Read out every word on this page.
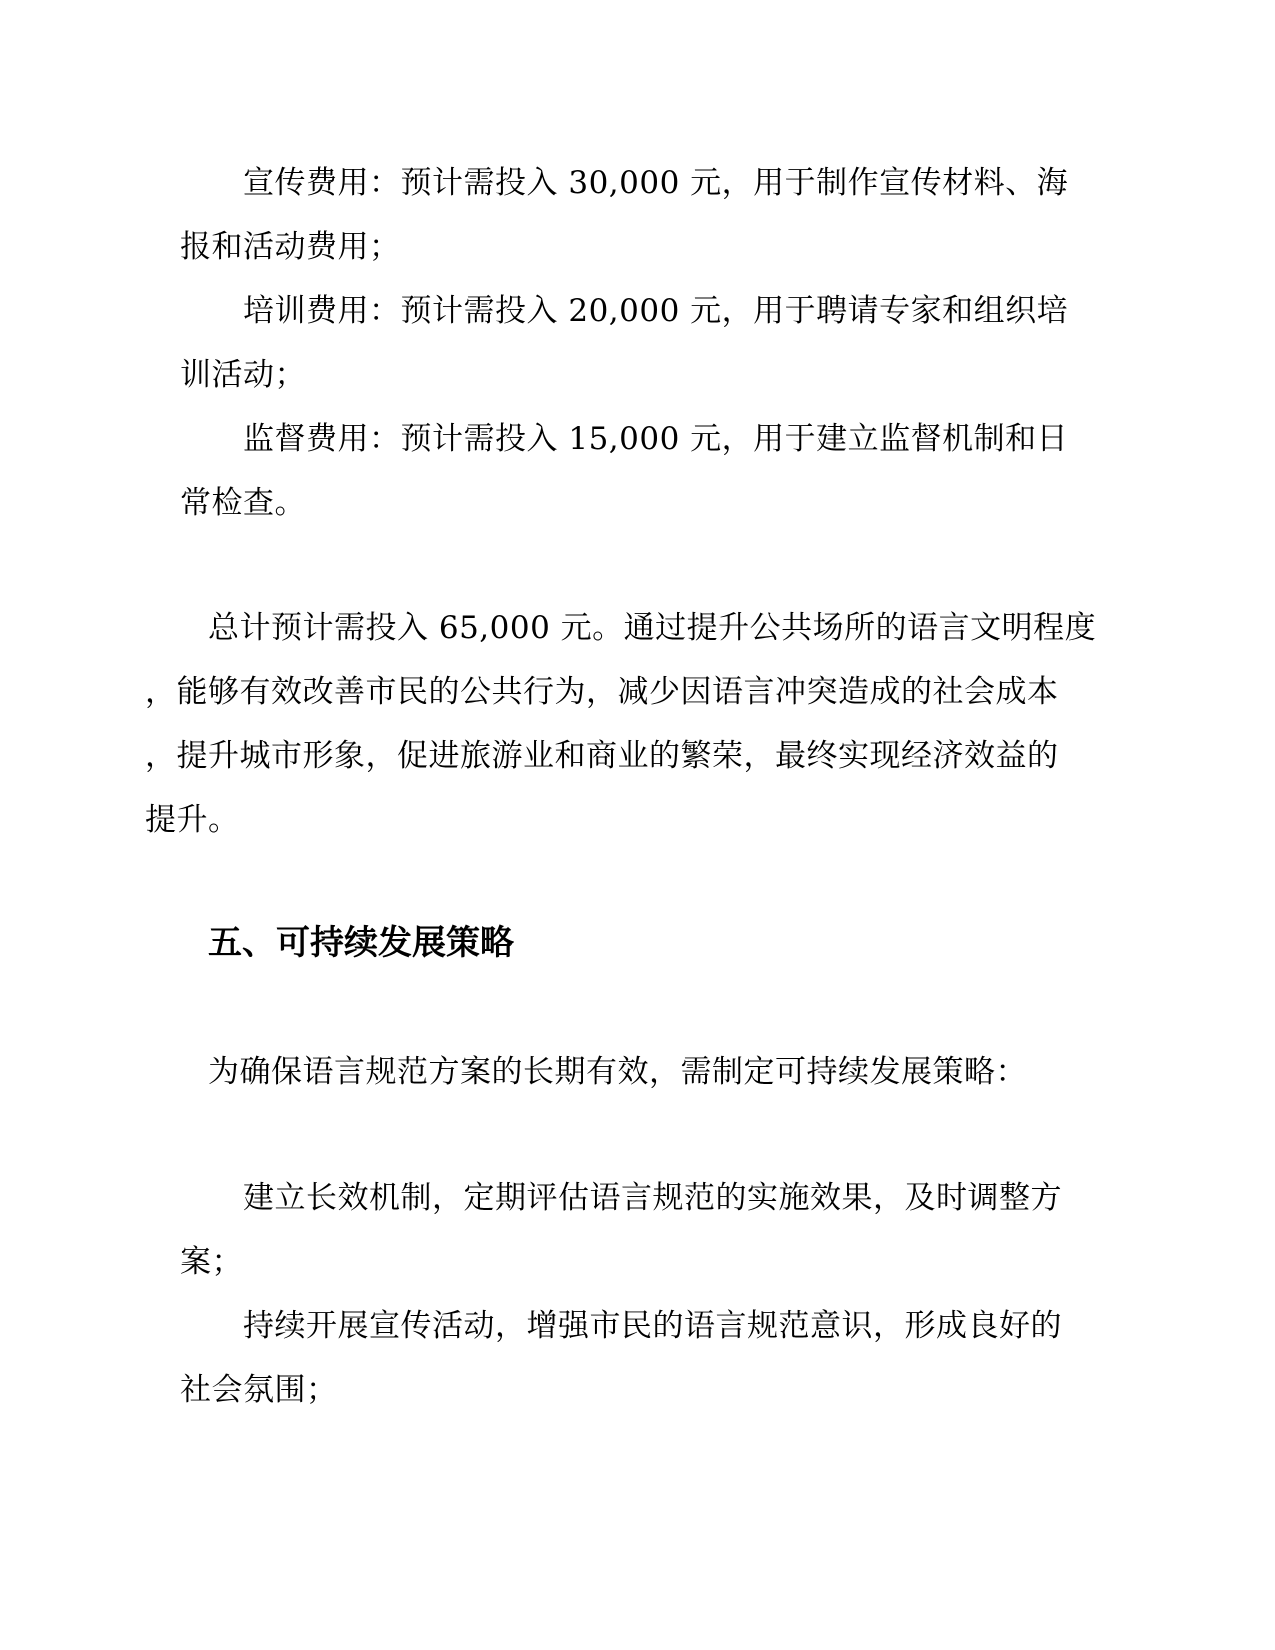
宣传费用：预计需投入 30,000 元，用于制作宣传材料、海

报和活动费用；

培训费用：预计需投入 20,000 元，用于聘请专家和组织培

训活动；

监督费用：预计需投入 15,000 元，用于建立监督机制和日

常检查。

总计预计需投入 65,000 元。通过提升公共场所的语言文明程度

，能够有效改善市民的公共行为，减少因语言冲突造成的社会成本

，提升城市形象，促进旅游业和商业的繁荣，最终实现经济效益的

提升。

五、可持续发展策略

为确保语言规范方案的长期有效，需制定可持续发展策略：

建立长效机制，定期评估语言规范的实施效果，及时调整方

案；

持续开展宣传活动，增强市民的语言规范意识，形成良好的

社会氛围；
